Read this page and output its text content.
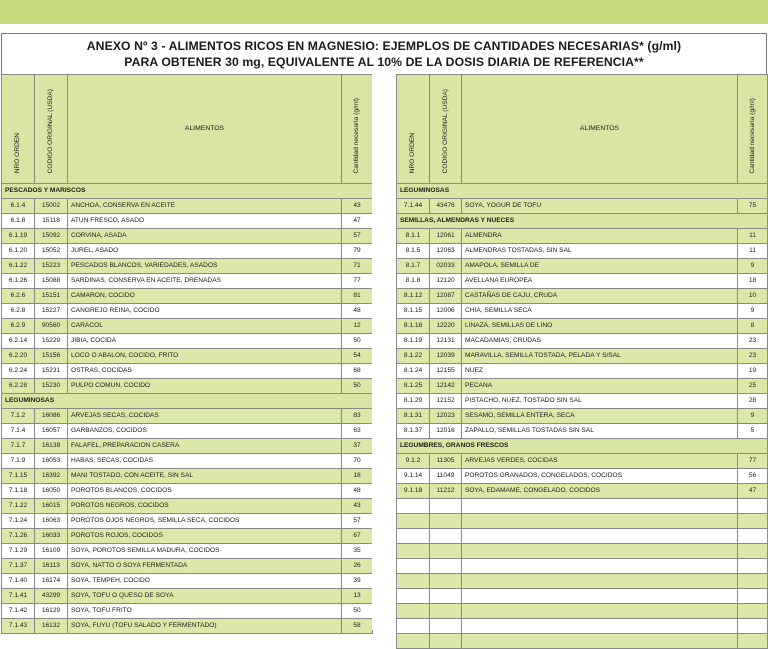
ANEXO Nº 3 - ALIMENTOS RICOS EN MAGNESIO: EJEMPLOS DE CANTIDADES NECESARIAS* (g/ml)
PARA OBTENER 30 mg, EQUIVALENTE AL 10% DE LA DOSIS DIARIA DE REFERENCIA**
NRO ORDEN	CODIGO ORIGINAL (USDA)	ALIMENTOS	Cantidad necesaria (g/ml)
PESCADOS Y MARISCOS			
6.1.4	15002	ANCHOA, CONSERVA EN ACEITE	43
6.1.8	15118	ATUN FRESCO, ASADO	47
6.1.19	15092	CORVINA, ASADA	57
6.1.20	15052	JUREL, ASADO	79
6.1.22	15223	PESCADOS BLANCOS, VARIEDADES, ASADOS	71
6.1.26	15088	SARDINAS, CONSERVA EN ACEITE, DRENADAS	77
6.2.6	15151	CAMARON, COCIDO	81
6.2.8	15227	CANGREJO REINA, COCIDO	48
6.2.9	90560	CARACOL	12
6.2.14	15229	JIBIA, COCIDA	50
6.2.20	15156	LOCO O ABALON, COCIDO, FRITO	54
6.2.24	15231	OSTRAS, COCIDAS	68
6.2.28	15230	PULPO COMUN, COCIDO	50
LEGUMINOSAS			
7.1.2	16086	ARVEJAS SECAS, COCIDAS	83
7.1.4	16057	GARBANZOS, COCIDOS	63
7.1.7	16138	FALAFEL, PREPARACION CASERA	37
7.1.9	16053	HABAS, SECAS, COCIDAS	70
7.1.15	16392	MANI TOSTADO, CON ACEITE, SIN SAL	18
7.1.18	16050	POROTOS BLANCOS, COCIDOS	48
7.1.22	16015	POROTOS NEGROS, COCIDOS	43
7.1.24	16063	POROTOS OJOS NEGROS, SEMILLA SECA, COCIDOS	57
7.1.26	16033	POROTOS ROJOS, COCIDOS	67
7.1.29	16109	SOYA, POROTOS SEMILLA MADURA, COCIDOS	35
7.1.37	16113	SOYA, NATTO O SOYA FERMENTADA	26
7.1.40	16174	SOYA, TEMPEH, COCIDO	39
7.1.41	43299	SOYA, TOFU O QUESO DE SOYA	13
7.1.42	16129	SOYA, TOFU FRITO	50
7.1.43	16132	SOYA, FUYU (TOFU SALADO Y FERMENTADO)	58
NRO ORDEN	CODIGO ORIGINAL (USDA)	ALIMENTOS	Cantidad necesaria (g/ml)
LEGUMINOSAS			
7.1.44	43476	SOYA, YOGUR DE TOFU	75
SEMILLAS, ALMENDRAS Y NUECES			
8.1.1	12061	ALMENDRA	11
8.1.5	12063	ALMENDRAS TOSTADAS, SIN SAL	11
8.1.7	02033	AMAPOLA, SEMILLA DE	9
8.1.8	12120	AVELLANA EUROPEA	18
8.1.12	12087	CASTAÑAS DE CAJU, CRUDA	10
8.1.15	12006	CHIA, SEMILLA SECA	9
8.1.18	12220	LINAZA, SEMILLAS DE LINO	8
8.1.19	12131	MACADAMIAS, CRUDAS	23
8.1.22	12039	MARAVILLA, SEMILLA TOSTADA, PELADA Y S/SAL	23
8.1.24	12155	NUEZ	19
8.1.25	12142	PECANA	25
8.1.29	12152	PISTACHO, NUEZ, TOSTADO SIN SAL	28
8.1.31	12023	SESAMO, SEMILLA ENTERA, SECA	9
8.1.37	12016	ZAPALLO, SEMILLAS TOSTADAS SIN SAL	5
LEGUMBRES, GRANOS FRESCOS			
9.1.2	11305	ARVEJAS VERDES, COCIDAS	77
9.1.14	11049	POROTOS GRANADOS, CONGELADOS, COCIDOS	56
9.1.18	11212	SOYA, EDAMAME, CONGELADO, COCIDOS	47
